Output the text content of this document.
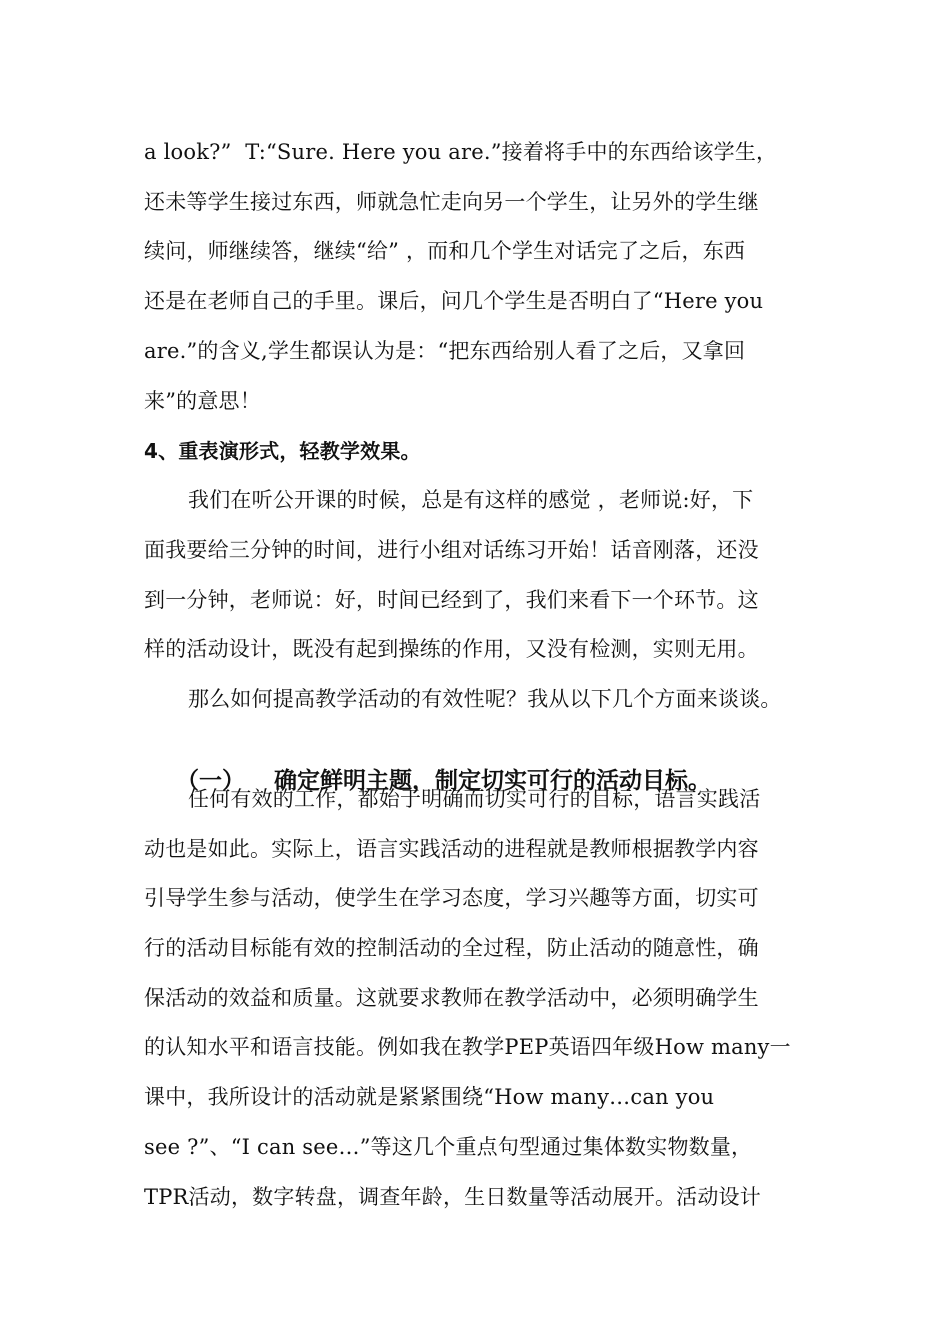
a look?”  T:“Sure. Here you are.”接着将手中的东西给该学生，
还未等学生接过东西，师就急忙走向另一个学生，让另外的学生继
续问，师继续答，继续“给” ，而和几个学生对话完了之后，东西
还是在老师自己的手里。课后，问几个学生是否明白了“Here you
are.”的含义,学生都误认为是：“把东西给别人看了之后，又拿回
来”的意思！
4、重表演形式，轻教学效果。
我们在听公开课的时候，总是有这样的感觉 ，老师说:好，下
面我要给三分钟的时间，进行小组对话练习开始！话音刚落，还没
到一分钟，老师说：好，时间已经到了，我们来看下一个环节。这
样的活动设计，既没有起到操练的作用，又没有检测，实则无用。
那么如何提高教学活动的有效性呢？我从以下几个方面来谈谈。

（一） 确定鲜明主题，制定切实可行的活动目标。

任何有效的工作，都始于明确而切实可行的目标，语言实践活
动也是如此。实际上，语言实践活动的进程就是教师根据教学内容
引导学生参与活动，使学生在学习态度，学习兴趣等方面，切实可
行的活动目标能有效的控制活动的全过程，防止活动的随意性，确
保活动的效益和质量。这就要求教师在教学活动中，必须明确学生
的认知水平和语言技能。例如我在教学PEP英语四年级How many一
课中，我所设计的活动就是紧紧围绕“How many…can you
see ?”、“I can see…”等这几个重点句型通过集体数实物数量，
TPR活动，数字转盘，调查年龄，生日数量等活动展开。活动设计
